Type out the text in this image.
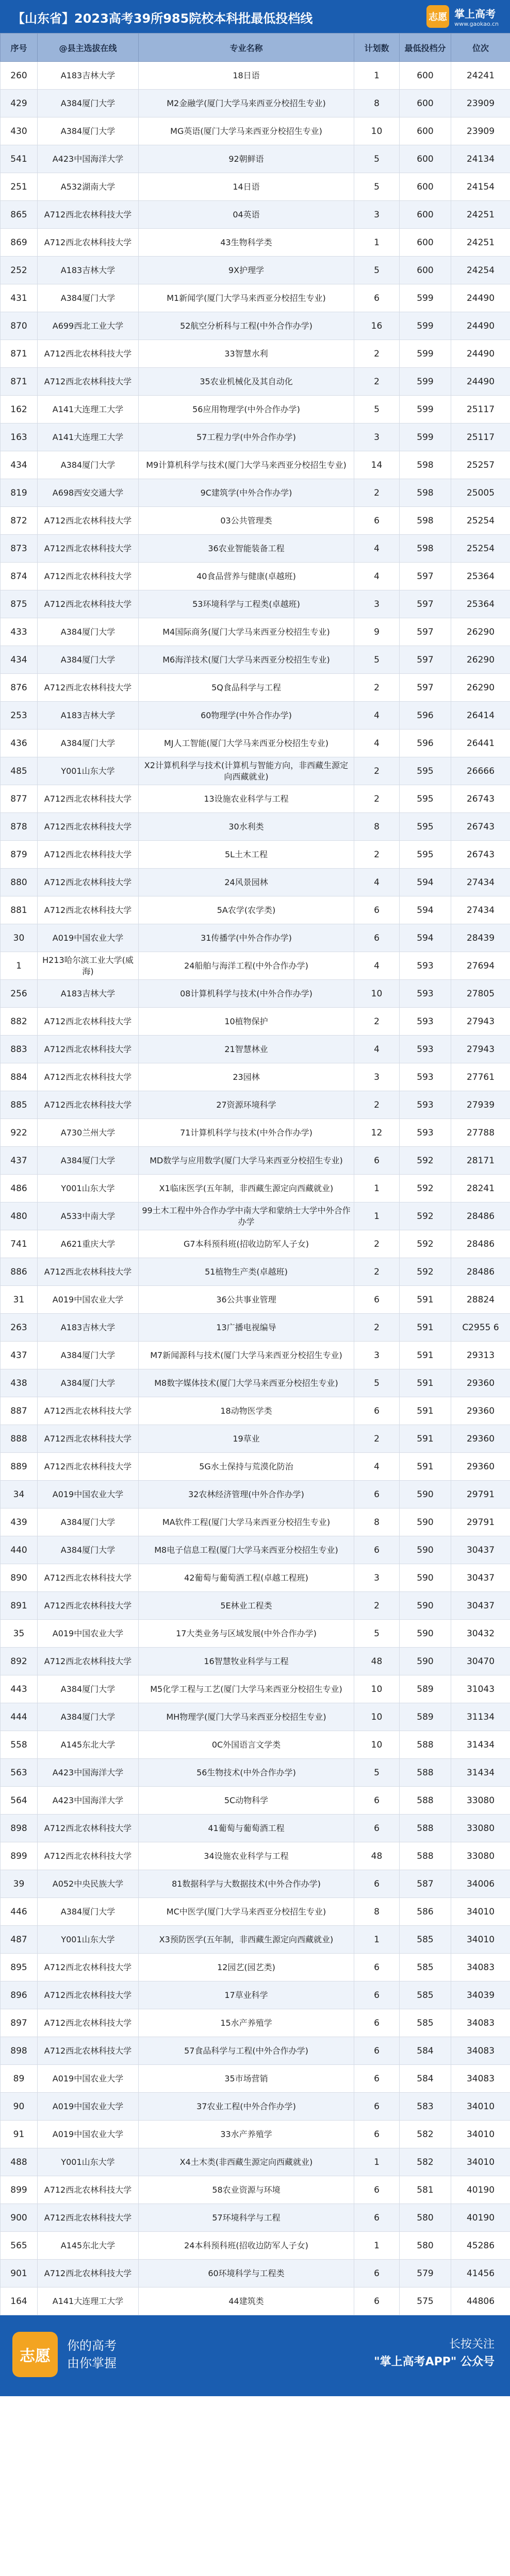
【山东省】2023高考39所985院校本科批最低投档线	志愿 掌上高考
www.gaokao.cn
序号	@县主选拔在线	专业名称	计划数	最低投档分	位次
260	A183吉林大学	18日语	1	600	24241
429	A384厦门大学	M2金融学(厦门大学马来西亚分校招生专业)	8	600	23909
430	A384厦门大学	MG英语(厦门大学马来西亚分校招生专业)	10	600	23909
541	A423中国海洋大学	92朝鲜语	5	600	24134
251	A532湖南大学	14日语	5	600	24154
865	A712西北农林科技大学	04英语	3	600	24251
869	A712西北农林科技大学	43生物科学类	1	600	24251
252	A183吉林大学	9X护理学	5	600	24254
431	A384厦门大学	M1新闻学(厦门大学马来西亚分校招生专业)	6	599	24490
870	A699西北工业大学	52航空分析科与工程(中外合作办学)	16	599	24490
871	A712西北农林科技大学	33智慧水利	2	599	24490
871	A712西北农林科技大学	35农业机械化及其自动化	2	599	24490
162	A141大连理工大学	56应用物理学(中外合作办学)	5	599	25117
163	A141大连理工大学	57工程力学(中外合作办学)	3	599	25117
434	A384厦门大学	M9计算机科学与技术(厦门大学马来西亚分校招生专业)	14	598	25257
819	A698西安交通大学	9C建筑学(中外合作办学)	2	598	25005
872	A712西北农林科技大学	03公共管理类	6	598	25254
873	A712西北农林科技大学	36农业智能装备工程	4	598	25254
874	A712西北农林科技大学	40食品营养与健康(卓越班)	4	597	25364
875	A712西北农林科技大学	53环境科学与工程类(卓越班)	3	597	25364
433	A384厦门大学	M4国际商务(厦门大学马来西亚分校招生专业)	9	597	26290
434	A384厦门大学	M6海洋技术(厦门大学马来西亚分校招生专业)	5	597	26290
876	A712西北农林科技大学	5Q食品科学与工程	2	597	26290
253	A183吉林大学	60物理学(中外合作办学)	4	596	26414
436	A384厦门大学	MJ人工智能(厦门大学马来西亚分校招生专业)	4	596	26441
485	Y001山东大学	X2计算机科学与技术(计算机与智能方向，非西藏生源定向西藏就业)	2	595	26666
877	A712西北农林科技大学	13设施农业科学与工程	2	595	26743
878	A712西北农林科技大学	30水利类	8	595	26743
879	A712西北农林科技大学	5L土木工程	2	595	26743
880	A712西北农林科技大学	24风景园林	4	594	27434
881	A712西北农林科技大学	5A农学(农学类)	6	594	27434
30	A019中国农业大学	31传播学(中外合作办学)	6	594	28439
1	H213哈尔滨工业大学(威海)	24船舶与海洋工程(中外合作办学)	4	593	27694
256	A183吉林大学	08计算机科学与技术(中外合作办学)	10	593	27805
882	A712西北农林科技大学	10植物保护	2	593	27943
883	A712西北农林科技大学	21智慧林业	4	593	27943
884	A712西北农林科技大学	23园林	3	593	27761
885	A712西北农林科技大学	27资源环境科学	2	593	27939
922	A730兰州大学	71计算机科学与技术(中外合作办学)	12	593	27788
437	A384厦门大学	MD数学与应用数学(厦门大学马来西亚分校招生专业)	6	592	28171
486	Y001山东大学	X1临床医学(五年制，非西藏生源定向西藏就业)	1	592	28241
480	A533中南大学	99土木工程中外合作办学中南大学和蒙纳士大学中外合作办学	1	592	28486
741	A621重庆大学	G7本科预科班(招收边防军人子女)	2	592	28486
886	A712西北农林科技大学	51植物生产类(卓越班)	2	592	28486
31	A019中国农业大学	36公共事业管理	6	591	28824
263	A183吉林大学	13广播电视编导	2	591	C2955 6
437	A384厦门大学	M7新闻源科与技术(厦门大学马来西亚分校招生专业)	3	591	29313
438	A384厦门大学	M8数字媒体技术(厦门大学马来西亚分校招生专业)	5	591	29360
887	A712西北农林科技大学	18动物医学类	6	591	29360
888	A712西北农林科技大学	19草业	2	591	29360
889	A712西北农林科技大学	5G水土保持与荒漠化防治	4	591	29360
34	A019中国农业大学	32农林经济管理(中外合作办学)	6	590	29791
439	A384厦门大学	MA软件工程(厦门大学马来西亚分校招生专业)	8	590	29791
440	A384厦门大学	M8电子信息工程(厦门大学马来西亚分校招生专业)	6	590	30437
890	A712西北农林科技大学	42葡萄与葡萄酒工程(卓越工程班)	3	590	30437
891	A712西北农林科技大学	5E林业工程类	2	590	30437
35	A019中国农业大学	17大类业务与区域发展(中外合作办学)	5	590	30432
892	A712西北农林科技大学	16智慧牧业科学与工程	48	590	30470
443	A384厦门大学	M5化学工程与工艺(厦门大学马来西亚分校招生专业)	10	589	31043
444	A384厦门大学	MH物理学(厦门大学马来西亚分校招生专业)	10	589	31134
558	A145东北大学	0C外国语言文学类	10	588	31434
563	A423中国海洋大学	56生物技术(中外合作办学)	5	588	31434
564	A423中国海洋大学	5C动物科学	6	588	33080
898	A712西北农林科技大学	41葡萄与葡萄酒工程	6	588	33080
899	A712西北农林科技大学	34设施农业科学与工程	48	588	33080
39	A052中央民族大学	81数据科学与大数据技术(中外合作办学)	6	587	34006
446	A384厦门大学	MC中医学(厦门大学马来西亚分校招生专业)	8	586	34010
487	Y001山东大学	X3预防医学(五年制，非西藏生源定向西藏就业)	1	585	34010
895	A712西北农林科技大学	12园艺(园艺类)	6	585	34083
896	A712西北农林科技大学	17草业科学	6	585	34039
897	A712西北农林科技大学	15水产养殖学	6	585	34083
898	A712西北农林科技大学	57食品科学与工程(中外合作办学)	6	584	34083
89	A019中国农业大学	35市场营销	6	584	34083
90	A019中国农业大学	37农业工程(中外合作办学)	6	583	34010
91	A019中国农业大学	33水产养殖学	6	582	34010
488	Y001山东大学	X4土木类(非西藏生源定向西藏就业)	1	582	34010
899	A712西北农林科技大学	58农业资源与环境	6	581	40190
900	A712西北农林科技大学	57环境科学与工程	6	580	40190
565	A145东北大学	24本科预科班(招收边防军人子女)	1	580	45286
901	A712西北农林科技大学	60环境科学与工程类	6	579	41456
164	A141大连理工大学	44建筑类	6	575	44806
志愿
你的高考
由你掌握
长按关注
"掌上高考APP" 公众号
